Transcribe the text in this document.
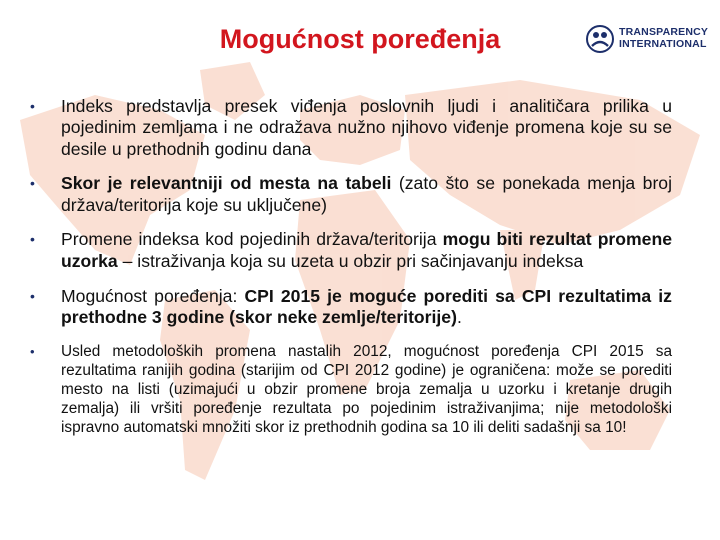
Mogućnost poređenja	TRANSPARENCY
INTERNATIONAL
•	Indeks predstavlja presek viđenja poslovnih ljudi i analitičara prilika u pojedinim zemljama i ne odražava nužno njihovo viđenje promena koje su se desile u prethodnih godinu dana
•	Skor je relevantniji od mesta na tabeli (zato što se ponekada menja broj država/teritorija koje su uključene)
•	Promene indeksa kod pojedinih država/teritorija mogu biti rezultat promene uzorka – istraživanja koja su uzeta u obzir pri sačinjavanju indeksa
•	Mogućnost poređenja: CPI 2015 je moguće porediti sa CPI rezultatima iz prethodne 3 godine (skor neke zemlje/teritorije).
•	Usled metodoloških promena nastalih 2012, mogućnost poređenja CPI 2015 sa rezultatima ranijih godina (starijim od CPI 2012 godine) je ograničena: može se porediti mesto na listi (uzimajući u obzir promene broja zemalja u uzorku i kretanje drugih zemalja) ili vršiti poređenje rezultata po pojedinim istraživanjima; nije metodološki ispravno automatski množiti skor iz prethodnih godina sa 10 ili deliti sadašnji sa 10!
